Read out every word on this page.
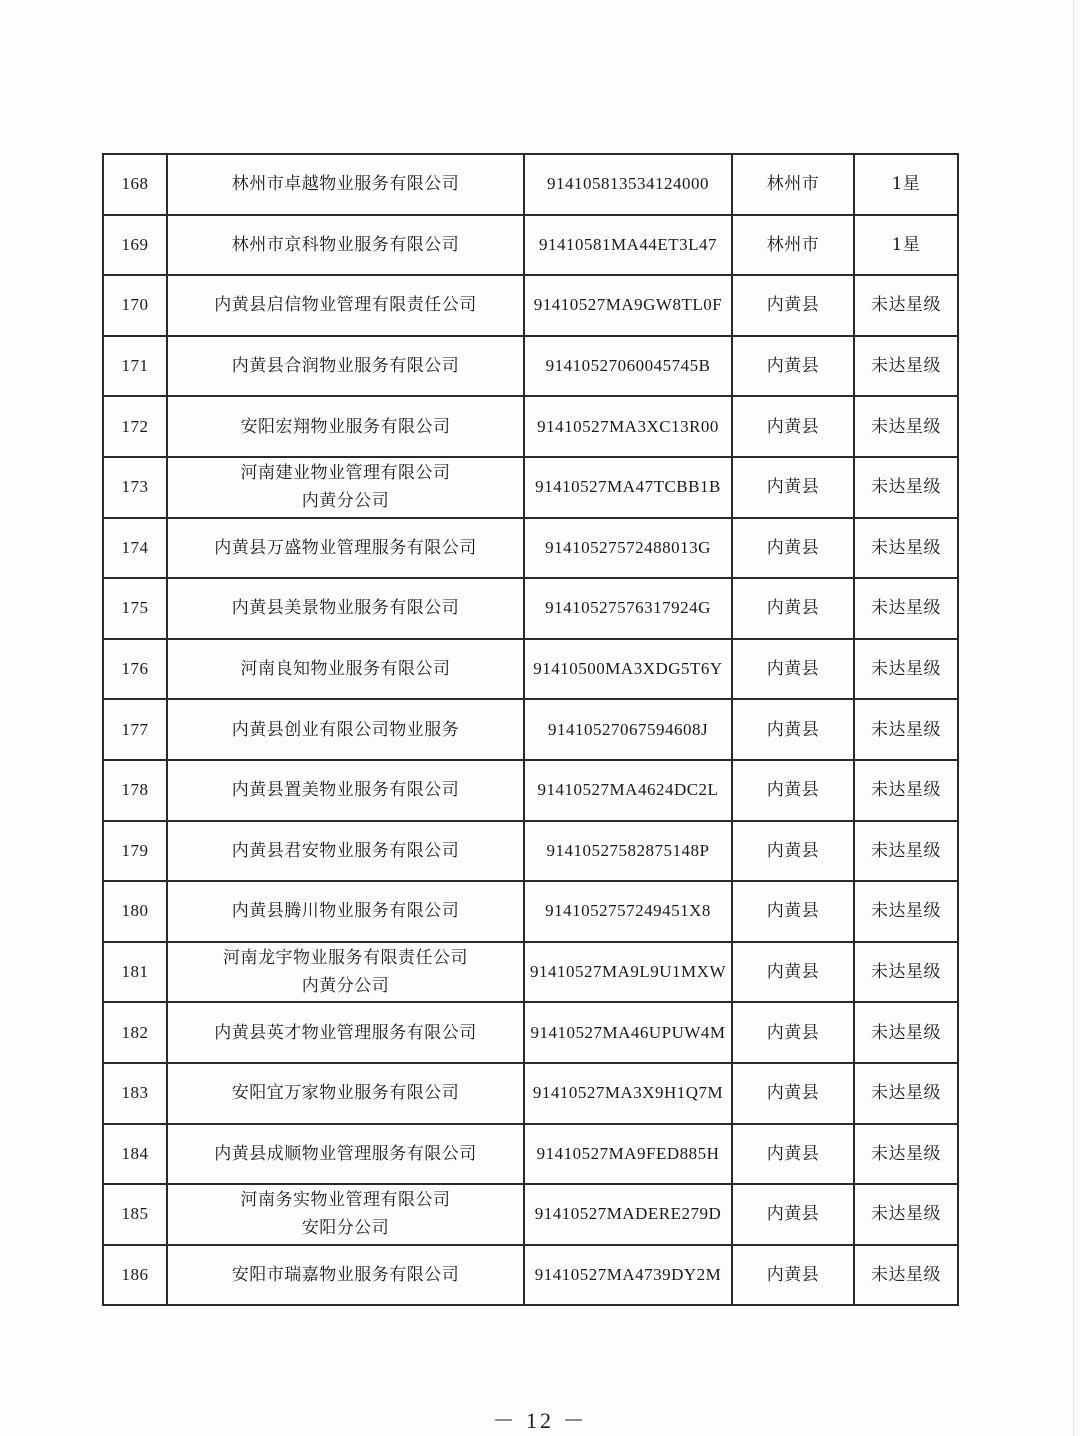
168	林州市卓越物业服务有限公司	914105813534124000	林州市	1星
169	林州市京科物业服务有限公司	91410581MA44ET3L47	林州市	1星
170	内黄县启信物业管理有限责任公司	91410527MA9GW8TL0F	内黄县	未达星级
171	内黄县合润物业服务有限公司	91410527060045745B	内黄县	未达星级
172	安阳宏翔物业服务有限公司	91410527MA3XC13R00	内黄县	未达星级
173	河南建业物业管理有限公司
内黄分公司	91410527MA47TCBB1B	内黄县	未达星级
174	内黄县万盛物业管理服务有限公司	91410527572488013G	内黄县	未达星级
175	内黄县美景物业服务有限公司	91410527576317924G	内黄县	未达星级
176	河南良知物业服务有限公司	91410500MA3XDG5T6Y	内黄县	未达星级
177	内黄县创业有限公司物业服务	91410527067594608J	内黄县	未达星级
178	内黄县置美物业服务有限公司	91410527MA4624DC2L	内黄县	未达星级
179	内黄县君安物业服务有限公司	91410527582875148P	内黄县	未达星级
180	内黄县腾川物业服务有限公司	9141052757249451X8	内黄县	未达星级
181	河南龙宇物业服务有限责任公司
内黄分公司	91410527MA9L9U1MXW	内黄县	未达星级
182	内黄县英才物业管理服务有限公司	91410527MA46UPUW4M	内黄县	未达星级
183	安阳宜万家物业服务有限公司	91410527MA3X9H1Q7M	内黄县	未达星级
184	内黄县成顺物业管理服务有限公司	91410527MA9FED885H	内黄县	未达星级
185	河南务实物业管理有限公司
安阳分公司	91410527MADERE279D	内黄县	未达星级
186	安阳市瑞嘉物业服务有限公司	91410527MA4739DY2M	内黄县	未达星级
－ 12 －
